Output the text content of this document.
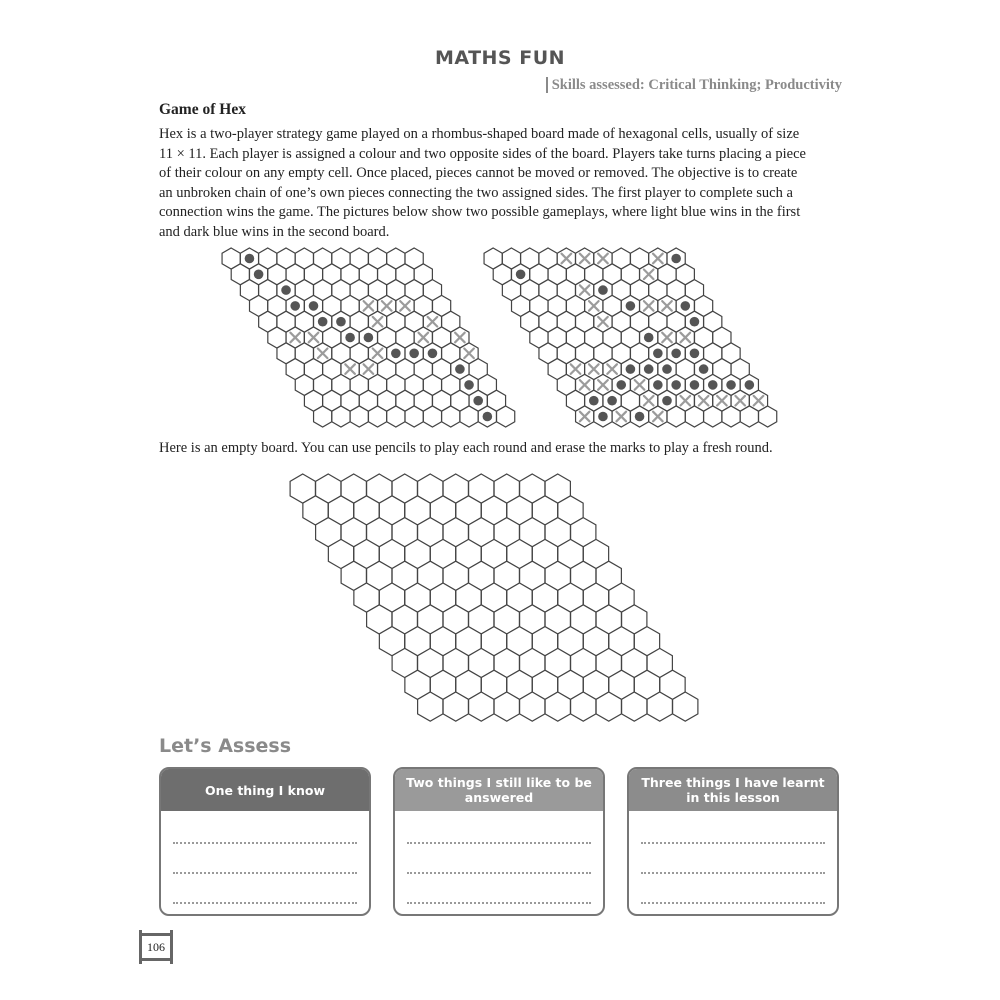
MATHS FUN
Skills assessed: Critical Thinking; Productivity
Game of Hex
Hex is a two-player strategy game played on a rhombus-shaped board made of hexagonal cells, usually of size
11 × 11. Each player is assigned a colour and two opposite sides of the board. Players take turns placing a piece
of their colour on any empty cell. Once placed, pieces cannot be moved or removed. The objective is to create
an unbroken chain of one’s own pieces connecting the two assigned sides. The first player to complete such a
connection wins the game. The pictures below show two possible gameplays, where light blue wins in the first
and dark blue wins in the second board.
Here is an empty board. You can use pencils to play each round and erase the marks to play a fresh round.
Let’s Assess
One thing I know	Two things I still like to be answered
Three things I have learnt in this lesson
106
